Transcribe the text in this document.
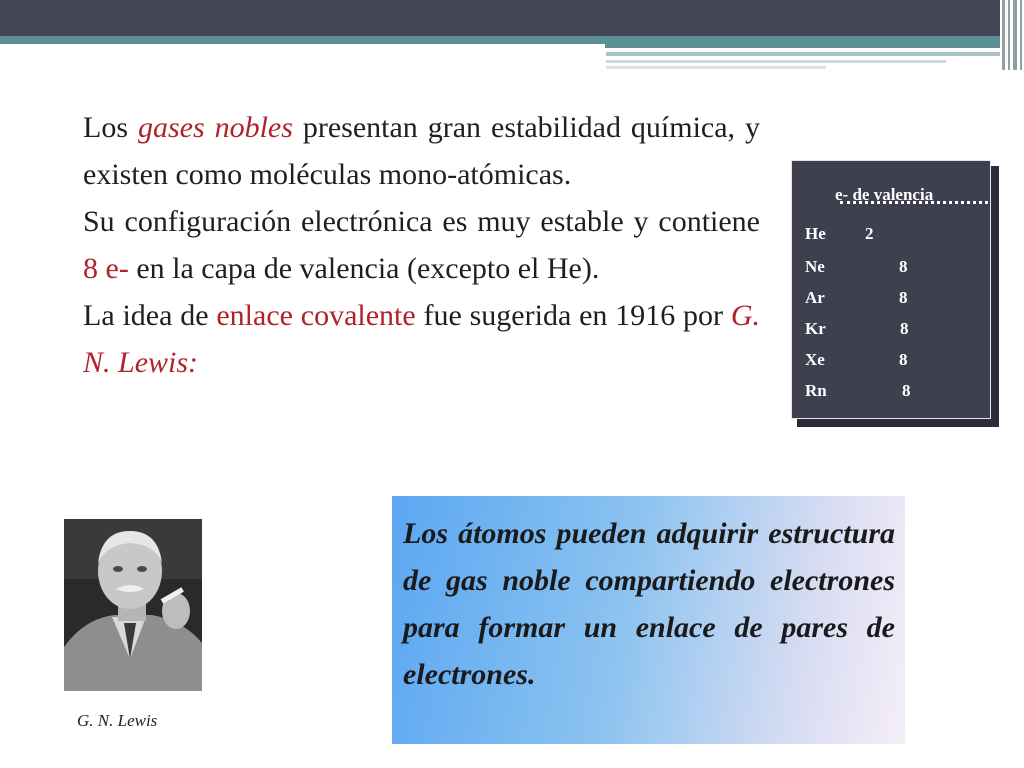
Los gases nobles presentan gran estabilidad química, y existen como moléculas mono-atómicas.

Su configuración electrónica es muy estable y contiene 8 e- en la capa de valencia (excepto el He).

La idea de enlace covalente fue sugerida en 1916 por G. N. Lewis:

e- de valencia
He 2
Ne	8
Ar	8
Kr	8
Xe	8
Rn	8
G. N. Lewis
Los átomos pueden adquirir estructura de gas noble compartiendo electrones para formar un enlace de pares de electrones.
